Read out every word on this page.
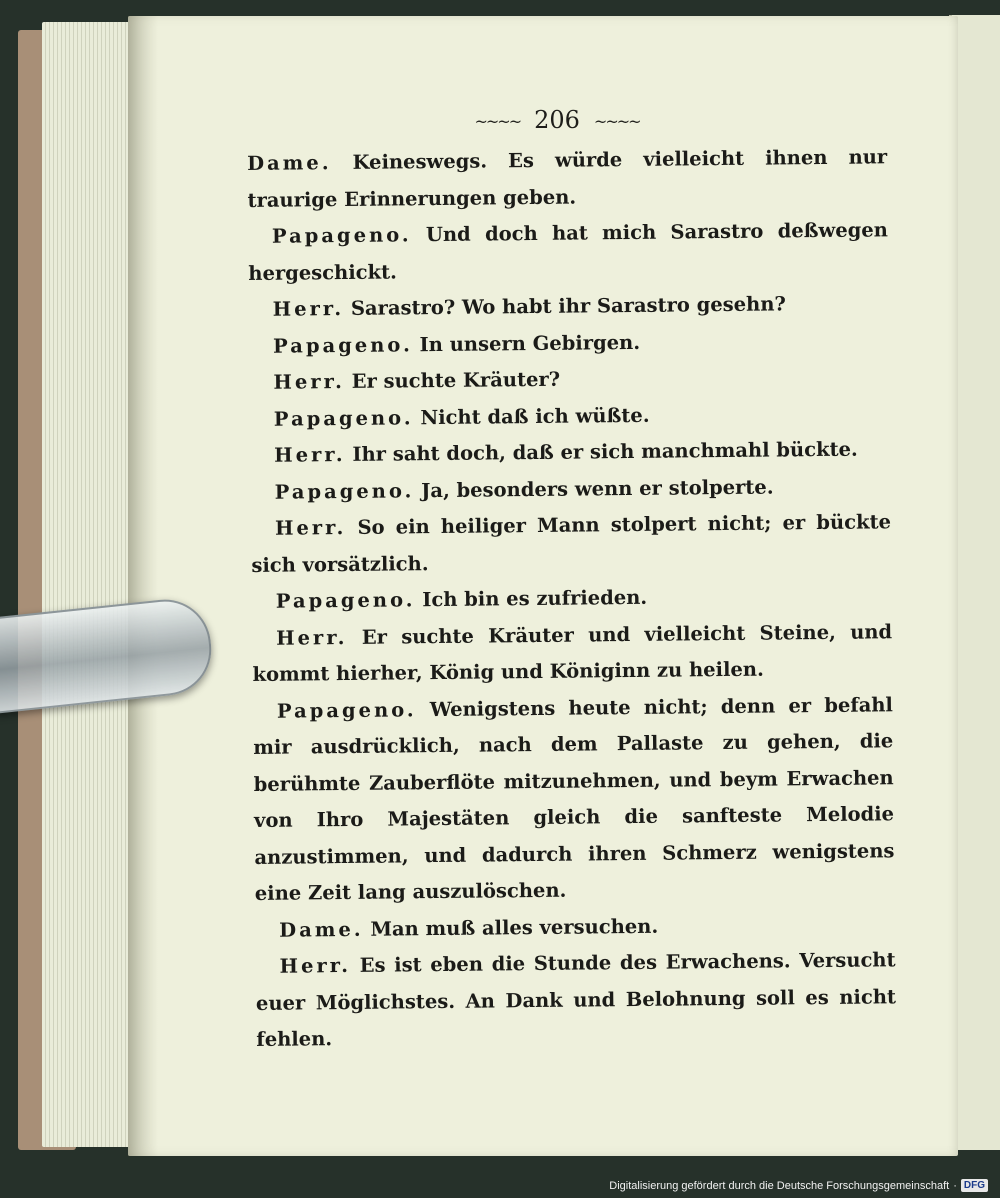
~~~~ 206 ~~~~

Dame. Keineswegs. Es würde vielleicht ihnen nur traurige Erinnerungen geben.

Papageno. Und doch hat mich Sarastro deßwegen hergeschickt.

Herr. Sarastro? Wo habt ihr Sarastro gesehn?

Papageno. In unsern Gebirgen.

Herr. Er suchte Kräuter?

Papageno. Nicht daß ich wüßte.

Herr. Ihr saht doch, daß er sich manchmahl bückte.

Papageno. Ja, besonders wenn er stolperte.

Herr. So ein heiliger Mann stolpert nicht; er bückte sich vorsätzlich.

Papageno. Ich bin es zufrieden.

Herr. Er suchte Kräuter und vielleicht Steine, und kommt hierher, König und Königinn zu heilen.

Papageno. Wenigstens heute nicht; denn er befahl mir ausdrücklich, nach dem Pallaste zu gehen, die berühmte Zauberflöte mitzunehmen, und beym Erwachen von Ihro Majestäten gleich die sanfteste Melodie anzustimmen, und dadurch ihren Schmerz wenigstens eine Zeit lang auszulöschen.

Dame. Man muß alles versuchen.

Herr. Es ist eben die Stunde des Erwachens. Versucht euer Möglichstes. An Dank und Belohnung soll es nicht fehlen.

Digitalisierung gefördert durch die Deutsche Forschungsgemeinschaft · DFG
